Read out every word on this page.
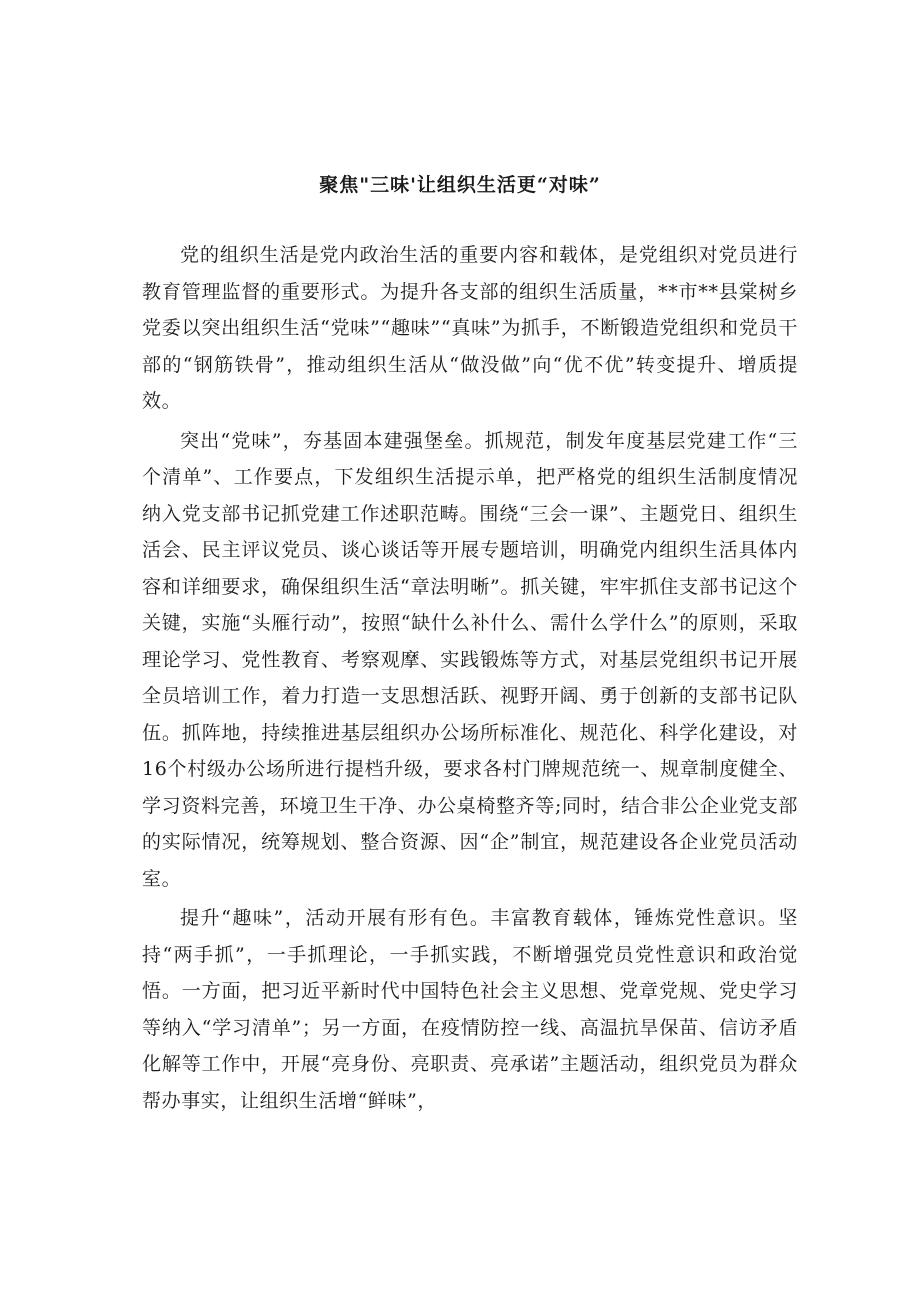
聚焦"三味'让组织生活更“对味”

党的组织生活是党内政治生活的重要内容和载体，是党组织对党员进行教育管理监督的重要形式。为提升各支部的组织生活质量，**市**县棠树乡党委以突出组织生活“党味”“趣味”“真味”为抓手，不断锻造党组织和党员干部的“钢筋铁骨”，推动组织生活从“做没做”向“优不优”转变提升、增质提效。

突出“党味”，夯基固本建强堡垒。抓规范，制发年度基层党建工作“三个清单”、工作要点，下发组织生活提示单，把严格党的组织生活制度情况纳入党支部书记抓党建工作述职范畴。围绕“三会一课”、主题党日、组织生活会、民主评议党员、谈心谈话等开展专题培训，明确党内组织生活具体内容和详细要求，确保组织生活“章法明晰”。抓关键，牢牢抓住支部书记这个关键，实施“头雁行动”，按照“缺什么补什么、需什么学什么”的原则，采取理论学习、党性教育、考察观摩、实践锻炼等方式，对基层党组织书记开展全员培训工作，着力打造一支思想活跃、视野开阔、勇于创新的支部书记队伍。抓阵地，持续推进基层组织办公场所标准化、规范化、科学化建设，对16个村级办公场所进行提档升级，要求各村门牌规范统一、规章制度健全、学习资料完善，环境卫生干净、办公桌椅整齐等;同时，结合非公企业党支部的实际情况，统筹规划、整合资源、因“企”制宜，规范建设各企业党员活动室。

提升“趣味”，活动开展有形有色。丰富教育载体，锤炼党性意识。坚持“两手抓”，一手抓理论，一手抓实践，不断增强党员党性意识和政治觉悟。一方面，把习近平新时代中国特色社会主义思想、党章党规、党史学习等纳入“学习清单”；另一方面，在疫情防控一线、高温抗旱保苗、信访矛盾化解等工作中，开展“亮身份、亮职责、亮承诺”主题活动，组织党员为群众帮办事实，让组织生活增“鲜味”，
